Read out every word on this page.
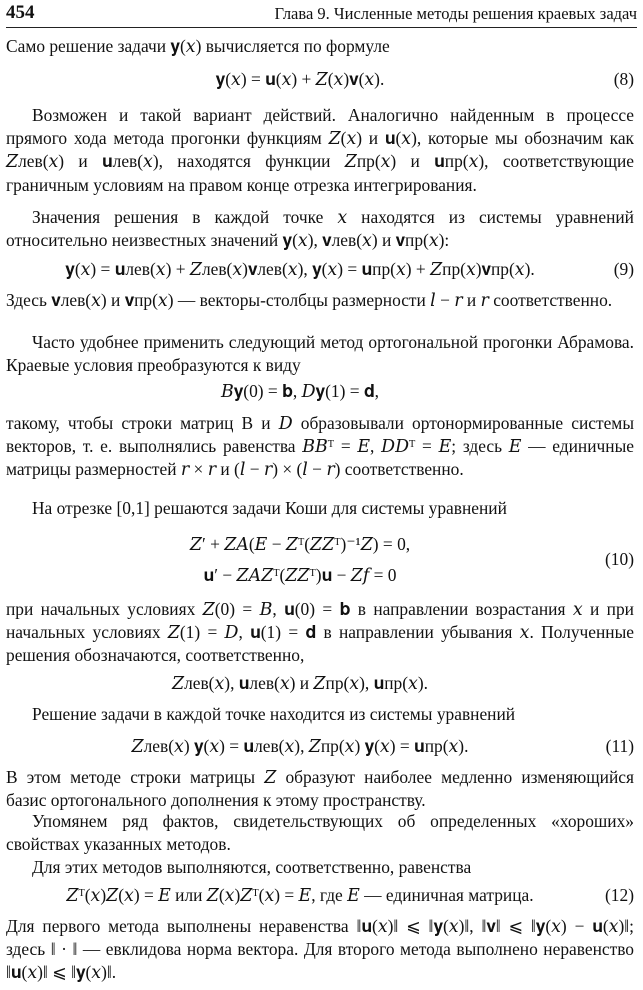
454	Глава 9. Численные методы решения краевых задач
Само решение задачи 𝐲(𝑥) вычисляется по формуле
𝐲(𝑥) = 𝐮(𝑥) + 𝑍(𝑥)𝐯(𝑥).	(8)
Возможен и такой вариант действий. Аналогично найденным в процессе прямого хода метода прогонки функциям 𝑍(𝑥) и 𝐮(𝑥), которые мы обозначим как 𝑍лев(𝑥) и 𝐮лев(𝑥), находятся функции 𝑍пр(𝑥) и 𝐮пр(𝑥), соответствующие граничным условиям на правом конце отрезка интегрирования.
Значения решения в каждой точке 𝑥 находятся из системы уравнений относительно неизвестных значений 𝐲(𝑥), 𝐯лев(𝑥) и 𝐯пр(𝑥):
𝐲(𝑥) = 𝐮лев(𝑥) + 𝑍лев(𝑥)𝐯лев(𝑥), 𝐲(𝑥) = 𝐮пр(𝑥) + 𝑍пр(𝑥)𝐯пр(𝑥).	(9)
Здесь 𝐯лев(𝑥) и 𝐯пр(𝑥) — векторы-столбцы размерности 𝑙 − 𝑟 и 𝑟 соответственно.
Часто удобнее применить следующий метод ортогональной прогонки Абрамова. Краевые условия преобразуются к виду
𝐵𝐲(0) = 𝐛, 𝐷𝐲(1) = 𝐝,
такому, чтобы строки матриц B и 𝐷 образовывали ортонормированные системы векторов, т. е. выполнялись равенства 𝐵𝐵ᵀ = 𝐸, 𝐷𝐷ᵀ = 𝐸; здесь 𝐸 — единичные матрицы размерностей 𝑟 × 𝑟 и (𝑙 − 𝑟) × (𝑙 − 𝑟) соответственно.
На отрезке [0,1] решаются задачи Коши для системы уравнений
𝑍′ + 𝑍𝐴(𝐸 − 𝑍ᵀ(𝑍𝑍ᵀ)⁻¹𝑍) = 0,
(10)
𝐮′ − 𝑍𝐴𝑍ᵀ(𝑍𝑍ᵀ)𝐮 − 𝑍𝑓 = 0
при начальных условиях 𝑍(0) = 𝐵, 𝐮(0) = 𝐛 в направлении возрастания 𝑥 и при начальных условиях 𝑍(1) = 𝐷, 𝐮(1) = 𝐝 в направлении убывания 𝑥. Полученные решения обозначаются, соответственно,
𝑍лев(𝑥), 𝐮лев(𝑥) и 𝑍пр(𝑥), 𝐮пр(𝑥).
Решение задачи в каждой точке находится из системы уравнений
𝑍лев(𝑥) 𝐲(𝑥) = 𝐮лев(𝑥), 𝑍пр(𝑥) 𝐲(𝑥) = 𝐮пр(𝑥).	(11)
В этом методе строки матрицы 𝑍 образуют наиболее медленно изменяющийся базис ортогонального дополнения к этому пространству.
Упомянем ряд фактов, свидетельствующих об определенных «хороших» свойствах указанных методов.
Для этих методов выполняются, соответственно, равенства
𝑍ᵀ(𝑥)𝑍(𝑥) = 𝐸 или 𝑍(𝑥)𝑍ᵀ(𝑥) = 𝐸, где 𝐸 — единичная матрица.	(12)
Для первого метода выполнены неравенства ‖𝐮(𝑥)‖ ⩽ ‖𝐲(𝑥)‖, ‖𝐯‖ ⩽ ‖𝐲(𝑥) − 𝐮(𝑥)‖; здесь ‖ · ‖ — евклидова норма вектора. Для второго метода выполнено неравенство ‖𝐮(𝑥)‖ ⩽ ‖𝐲(𝑥)‖.
